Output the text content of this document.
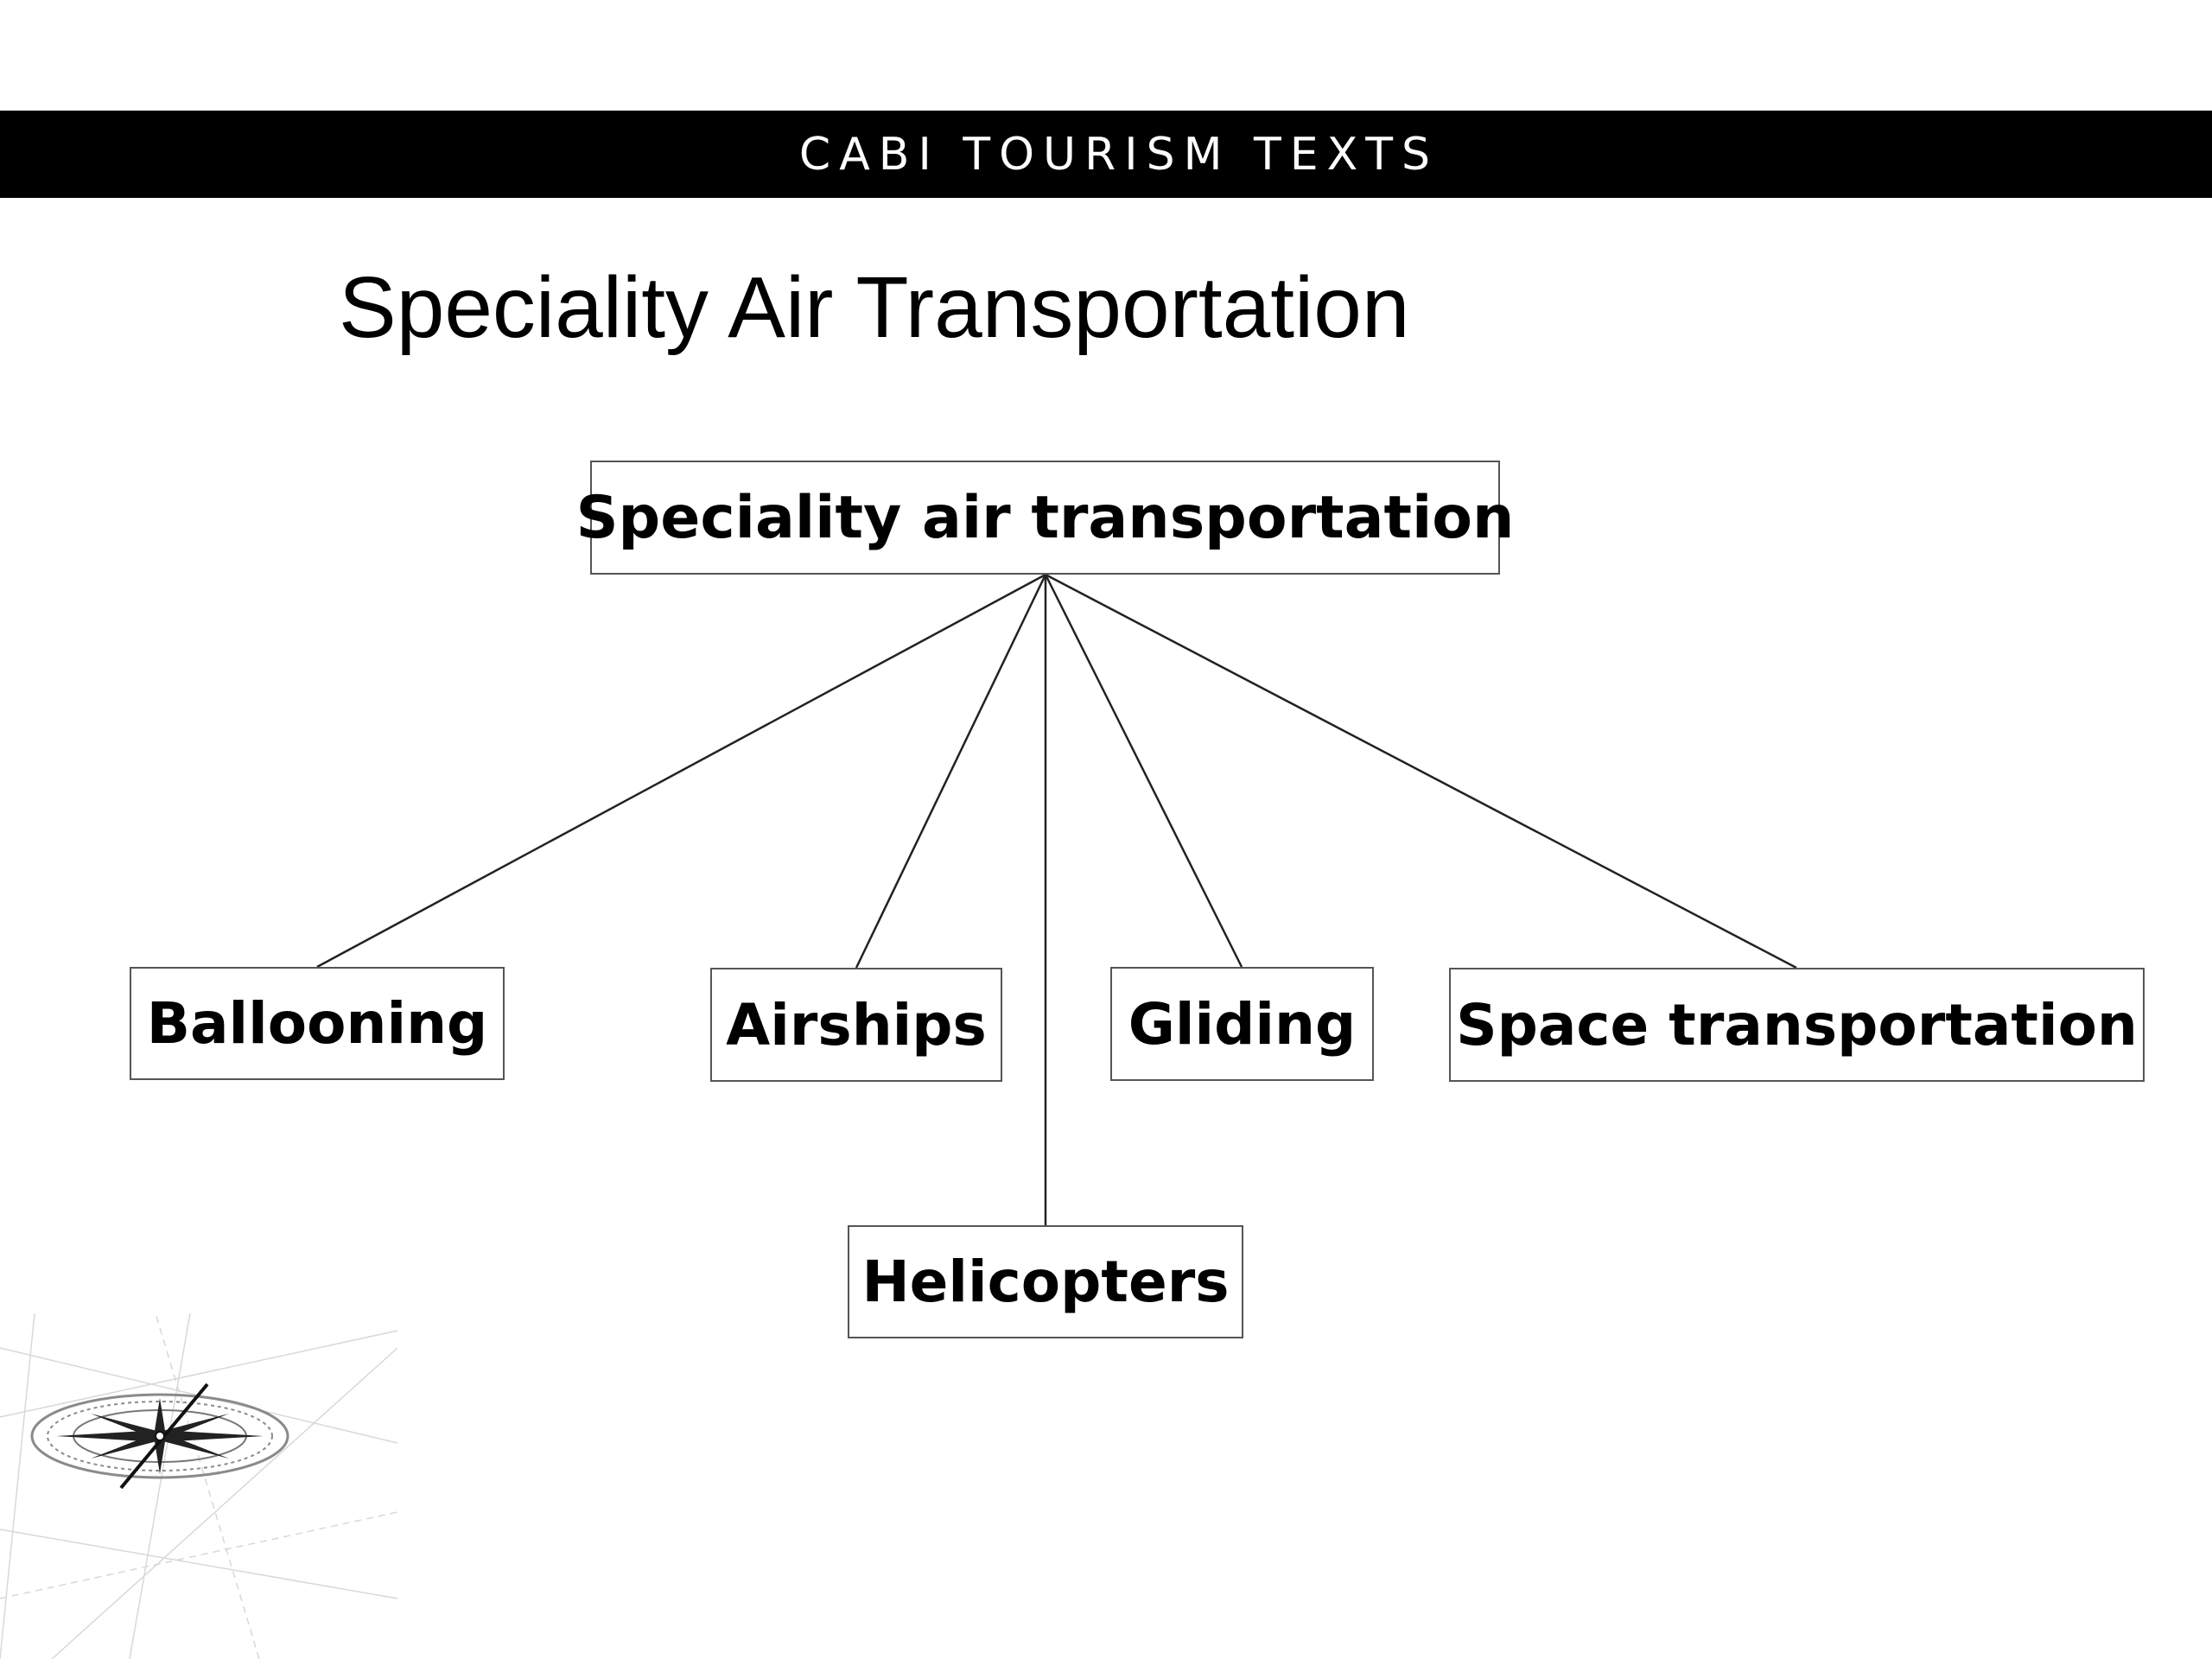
CABI TOURISM TEXTS
Speciality Air Transportation
Speciality air transportation
Ballooning	Airships	Gliding	Space transportation
Helicopters
